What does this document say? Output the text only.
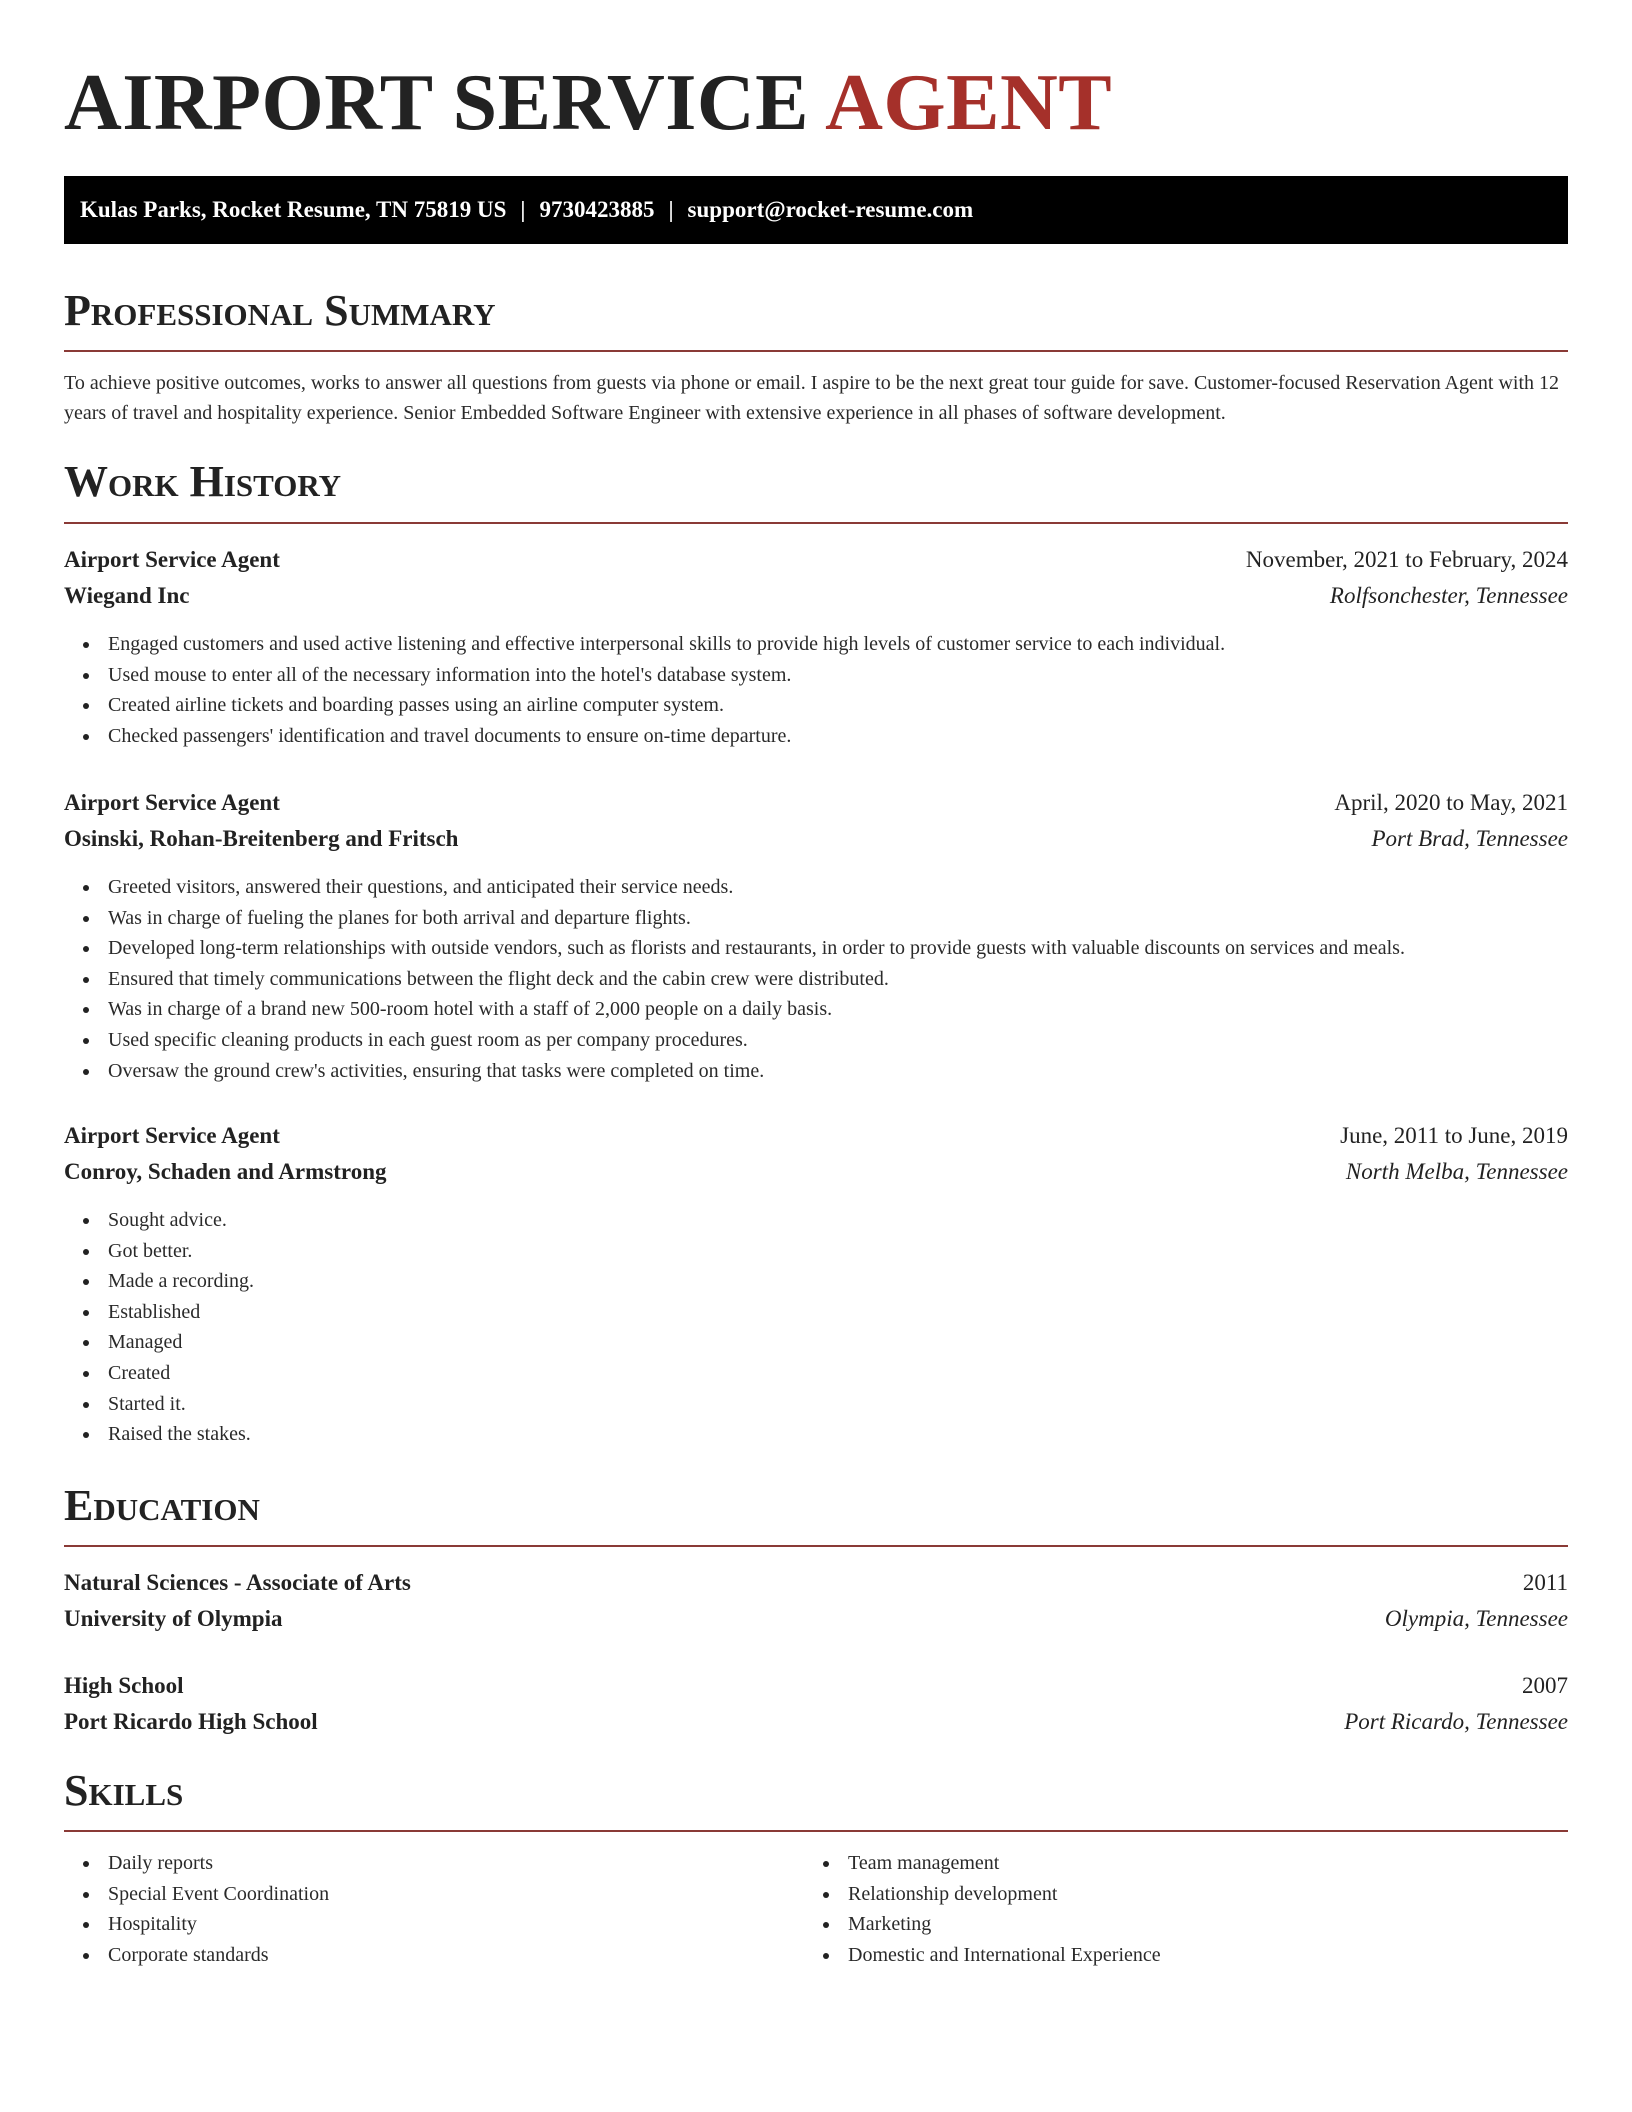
AIRPORT SERVICE AGENT
Kulas Parks, Rocket Resume, TN 75819 US | 9730423885 | support@rocket-resume.com
Professional Summary

To achieve positive outcomes, works to answer all questions from guests via phone or email. I aspire to be the next great tour guide for save. Customer-focused Reservation Agent with 12 years of travel and hospitality experience. Senior Embedded Software Engineer with extensive experience in all phases of software development.

Work History
Airport Service Agent	November, 2021 to February, 2024
Wiegand Inc	Rolfsonchester, Tennessee
Engaged customers and used active listening and effective interpersonal skills to provide high levels of customer service to each individual.
Used mouse to enter all of the necessary information into the hotel's database system.
Created airline tickets and boarding passes using an airline computer system.
Checked passengers' identification and travel documents to ensure on-time departure.
Airport Service Agent	April, 2020 to May, 2021
Osinski, Rohan-Breitenberg and Fritsch	Port Brad, Tennessee
Greeted visitors, answered their questions, and anticipated their service needs.
Was in charge of fueling the planes for both arrival and departure flights.
Developed long-term relationships with outside vendors, such as florists and restaurants, in order to provide guests with valuable discounts on services and meals.
Ensured that timely communications between the flight deck and the cabin crew were distributed.
Was in charge of a brand new 500-room hotel with a staff of 2,000 people on a daily basis.
Used specific cleaning products in each guest room as per company procedures.
Oversaw the ground crew's activities, ensuring that tasks were completed on time.
Airport Service Agent	June, 2011 to June, 2019
Conroy, Schaden and Armstrong	North Melba, Tennessee
Sought advice.
Got better.
Made a recording.
Established
Managed
Created
Started it.
Raised the stakes.
Education
Natural Sciences - Associate of Arts	2011
University of Olympia	Olympia, Tennessee
High School	2007
Port Ricardo High School	Port Ricardo, Tennessee
Skills
Daily reports
Special Event Coordination
Hospitality
Corporate standards
Team management
Relationship development
Marketing
Domestic and International Experience
